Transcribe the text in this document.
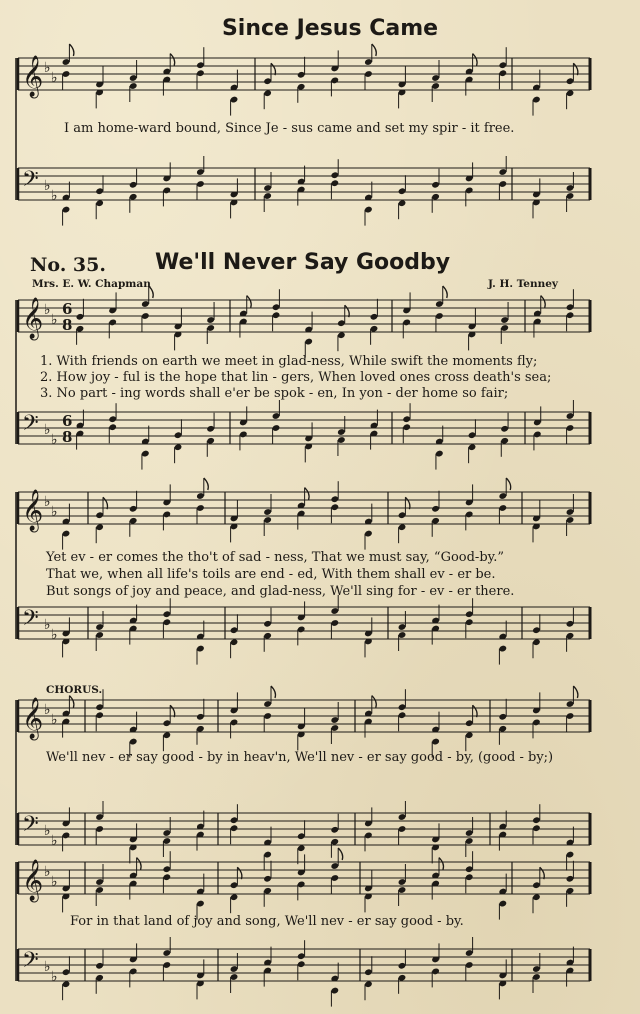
Since Jesus Came
No. 35. We'll Never Say Goodby
Mrs. E. W. Chapman	J. H. Tenney
𝄞 ♭
♭
𝄢 ♭
♭
𝄞 ♭
♭
6
8
𝄢 ♭
♭
6
8
𝄞 ♭
♭
𝄢 ♭
♭
𝄞 ♭
♭
𝄢 ♭
♭
𝄞 ♭
♭
𝄢 ♭
♭
I am home-ward bound, Since Je - sus came and set my spir - it free.
1. With friends on earth we meet in glad-ness, While swift the moments fly;
2. How joy - ful is the hope that lin - gers, When loved ones cross death's sea;
3. No part - ing words shall e'er be spok - en, In yon - der home so fair;
Yet ev - er comes the tho't of sad - ness, That we must say, “Good-by.”
That we, when all life's toils are end - ed, With them shall ev - er be.
But songs of joy and peace, and glad-ness, We'll sing for - ev - er there.
CHORUS.
We'll nev - er say good - by in heav'n, We'll nev - er say good - by, (good - by;)
For in that land of joy and song, We'll nev - er say good - by.
